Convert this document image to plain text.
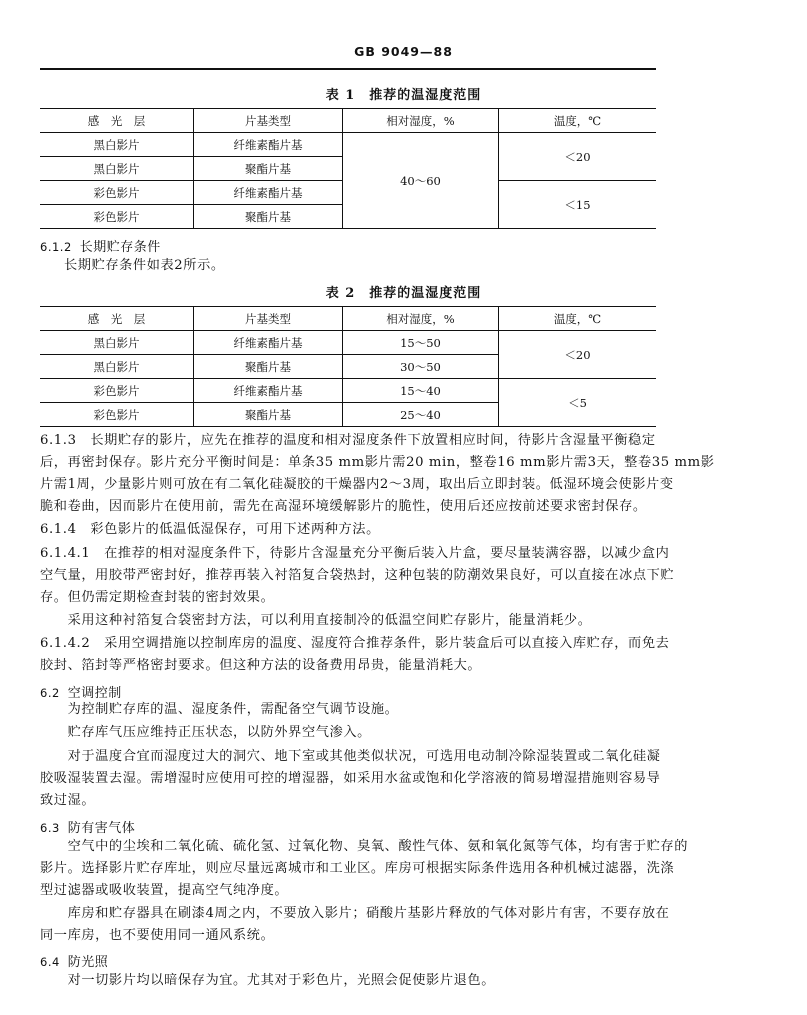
GB 9049—88
表 1　推荐的温湿度范围
感　光　层	片基类型	相对湿度，%	温度，℃
黑白影片	纤维素酯片基	40～60	＜20
黑白影片	聚酯片基		
彩色影片	纤维素酯片基		＜15
彩色影片	聚酯片基		
6.1.2 长期贮存条件
长期贮存条件如表2所示。
表 2　推荐的温湿度范围
感　光　层	片基类型	相对湿度，%	温度，℃
黑白影片	纤维素酯片基	15～50	＜20
黑白影片	聚酯片基	30～50	
彩色影片	纤维素酯片基	15～40	＜5
彩色影片	聚酯片基	25～40	
6.1.3　长期贮存的影片，应先在推荐的温度和相对湿度条件下放置相应时间，待影片含湿量平衡稳定
后，再密封保存。影片充分平衡时间是：单条35 mm影片需20 min，整卷16 mm影片需3天，整卷35 mm影
片需1周，少量影片则可放在有二氧化硅凝胶的干燥器内2～3周，取出后立即封装。低湿环境会使影片变
脆和卷曲，因而影片在使用前，需先在高湿环境缓解影片的脆性，使用后还应按前述要求密封保存。
6.1.4　彩色影片的低温低湿保存，可用下述两种方法。
6.1.4.1　在推荐的相对湿度条件下，待影片含湿量充分平衡后装入片盒，要尽量装满容器，以减少盒内
空气量，用胶带严密封好，推荐再装入衬箔复合袋热封，这种包装的防潮效果良好，可以直接在冰点下贮
存。但仍需定期检查封装的密封效果。
　　采用这种衬箔复合袋密封方法，可以利用直接制冷的低温空间贮存影片，能量消耗少。
6.1.4.2　采用空调措施以控制库房的温度、湿度符合推荐条件，影片装盒后可以直接入库贮存，而免去
胶封、箔封等严格密封要求。但这种方法的设备费用昂贵，能量消耗大。
6.2 空调控制
　　为控制贮存库的温、湿度条件，需配备空气调节设施。
　　贮存库气压应维持正压状态，以防外界空气渗入。
　　对于温度合宜而湿度过大的洞穴、地下室或其他类似状况，可选用电动制冷除湿装置或二氧化硅凝
胶吸湿装置去湿。需增湿时应使用可控的增湿器，如采用水盆或饱和化学溶液的简易增湿措施则容易导
致过湿。
6.3 防有害气体
　　空气中的尘埃和二氧化硫、硫化氢、过氧化物、臭氧、酸性气体、氨和氧化氮等气体，均有害于贮存的
影片。选择影片贮存库址，则应尽量远离城市和工业区。库房可根据实际条件选用各种机械过滤器，洗涤
型过滤器或吸收装置，提高空气纯净度。
　　库房和贮存器具在刷漆4周之内，不要放入影片；硝酸片基影片释放的气体对影片有害，不要存放在
同一库房，也不要使用同一通风系统。
6.4 防光照
　　对一切影片均以暗保存为宜。尤其对于彩色片，光照会促使影片退色。
